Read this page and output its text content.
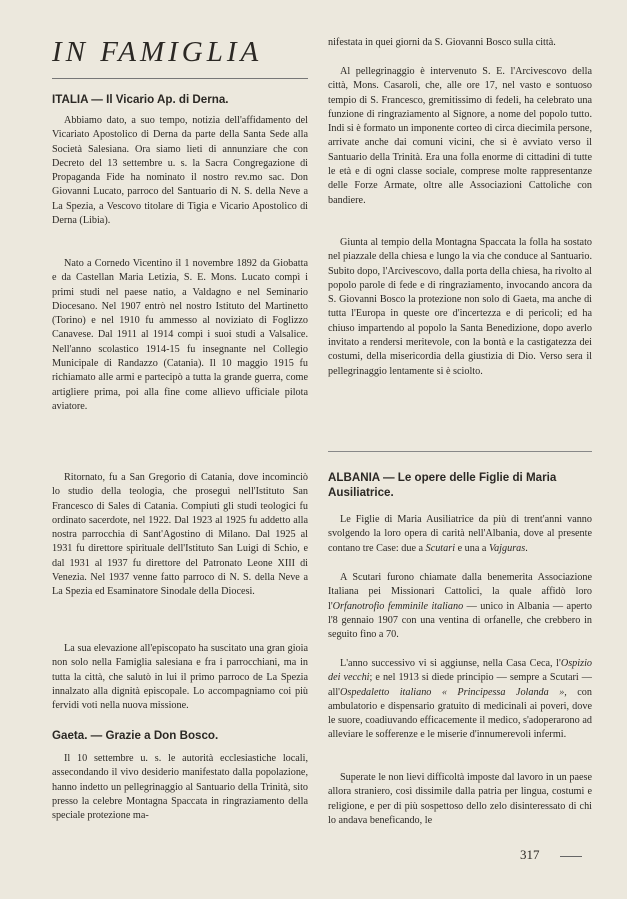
IN FAMIGLIA
ITALIA — Il Vicario Ap. di Derna.

Abbiamo dato, a suo tempo, notizia dell'affidamento del Vicariato Apostolico di Derna da parte della Santa Sede alla Società Salesiana. Ora siamo lieti di annunziare che con Decreto del 13 settembre u. s. la Sacra Congregazione di Propaganda Fide ha nominato il nostro rev.mo sac. Don Giovanni Lucato, parroco del Santuario di N. S. della Neve a La Spezia, a Vescovo titolare di Tigia e Vicario Apostolico di Derna (Libia).

Nato a Cornedo Vicentino il 1 novembre 1892 da Giobatta e da Castellan Maria Letizia, S. E. Mons. Lucato compì i primi studi nel paese natio, a Valdagno e nel Seminario Diocesano. Nel 1907 entrò nel nostro Istituto del Martinetto (Torino) e nel 1910 fu ammesso al noviziato di Foglizzo Canavese. Dal 1911 al 1914 compì i suoi studi a Valsalice. Nell'anno scolastico 1914-15 fu insegnante nel Collegio Municipale di Randazzo (Catania). Il 10 maggio 1915 fu richiamato alle armi e partecipò a tutta la grande guerra, come artigliere prima, poi alla fine come allievo ufficiale pilota aviatore.

Ritornato, fu a San Gregorio di Catania, dove incominciò lo studio della teologia, che proseguì nell'Istituto San Francesco di Sales di Catania. Compiuti gli studi teologici fu ordinato sacerdote, nel 1922. Dal 1923 al 1925 fu addetto alla nostra parrocchia di Sant'Agostino di Milano. Dal 1925 al 1931 fu direttore spirituale dell'Istituto San Luigi di Schio, e dal 1931 al 1937 fu direttore del Patronato Leone XIII di Venezia. Nel 1937 venne fatto parroco di N. S. della Neve a La Spezia ed Esaminatore Sinodale della Diocesi.

La sua elevazione all'episcopato ha suscitato una gran gioia non solo nella Famiglia salesiana e fra i parrocchiani, ma in tutta la città, che salutò in lui il primo parroco de La Spezia innalzato alla dignità episcopale. Lo accompagniamo coi più fervidi voti nella nuova missione.

Gaeta. — Grazie a Don Bosco.

Il 10 settembre u. s. le autorità ecclesiastiche locali, assecondando il vivo desiderio manifestato dalla popolazione, hanno indetto un pellegrinaggio al Santuario della Trinità, sito presso la celebre Montagna Spaccata in ringraziamento della speciale protezione ma-

nifestata in quei giorni da S. Giovanni Bosco sulla città.

Al pellegrinaggio è intervenuto S. E. l'Arcivescovo della città, Mons. Casaroli, che, alle ore 17, nel vasto e sontuoso tempio di S. Francesco, gremitissimo di fedeli, ha celebrato una funzione di ringraziamento al Signore, a nome del popolo tutto. Indi si è formato un imponente corteo di circa diecimila persone, arrivate anche dai comuni vicini, che si è avviato verso il Santuario della Trinità. Era una folla enorme di cittadini di tutte le età e di ogni classe sociale, comprese molte rappresentanze delle Forze Armate, oltre alle Associazioni Cattoliche con bandiere.

Giunta al tempio della Montagna Spaccata la folla ha sostato nel piazzale della chiesa e lungo la via che conduce al Santuario. Subito dopo, l'Arcivescovo, dalla porta della chiesa, ha rivolto al popolo parole di fede e di ringraziamento, invocando ancora da S. Giovanni Bosco la protezione non solo di Gaeta, ma anche di tutta l'Europa in queste ore d'incertezza e di pericoli; ed ha chiuso impartendo al popolo la Santa Benedizione, dopo averlo invitato a rendersi meritevole, con la bontà e la castigatezza dei costumi, della misericordia della giustizia di Dio. Verso sera il pellegrinaggio lentamente si è sciolto.

ALBANIA — Le opere delle Figlie di Maria Ausiliatrice.

Le Figlie di Maria Ausiliatrice da più di trent'anni vanno svolgendo la loro opera di carità nell'Albania, dove al presente contano tre Case: due a Scutari e una a Vajguras.

A Scutari furono chiamate dalla benemerita Associazione Italiana pei Missionari Cattolici, la quale affidò loro l'Orfanotrofio femminile italiano — unico in Albania — aperto l'8 gennaio 1907 con una ventina di orfanelle, che crebbero in seguito fino a 70.

L'anno successivo vi si aggiunse, nella Casa Ceca, l'Ospizio dei vecchi; e nel 1913 si diede principio — sempre a Scutari — all'Ospedaletto italiano « Principessa Jolanda », con ambulatorio e dispensario gratuito di medicinali ai poveri, dove le suore, coadiuvando efficacemente il medico, s'adoperarono ad alleviare le sofferenze e le miserie d'innumerevoli infermi.

Superate le non lievi difficoltà imposte dal lavoro in un paese allora straniero, così dissimile dalla patria per lingua, costumi e religione, e per di più sospettoso dello zelo disinteressato di chi lo andava beneficando, le

317
